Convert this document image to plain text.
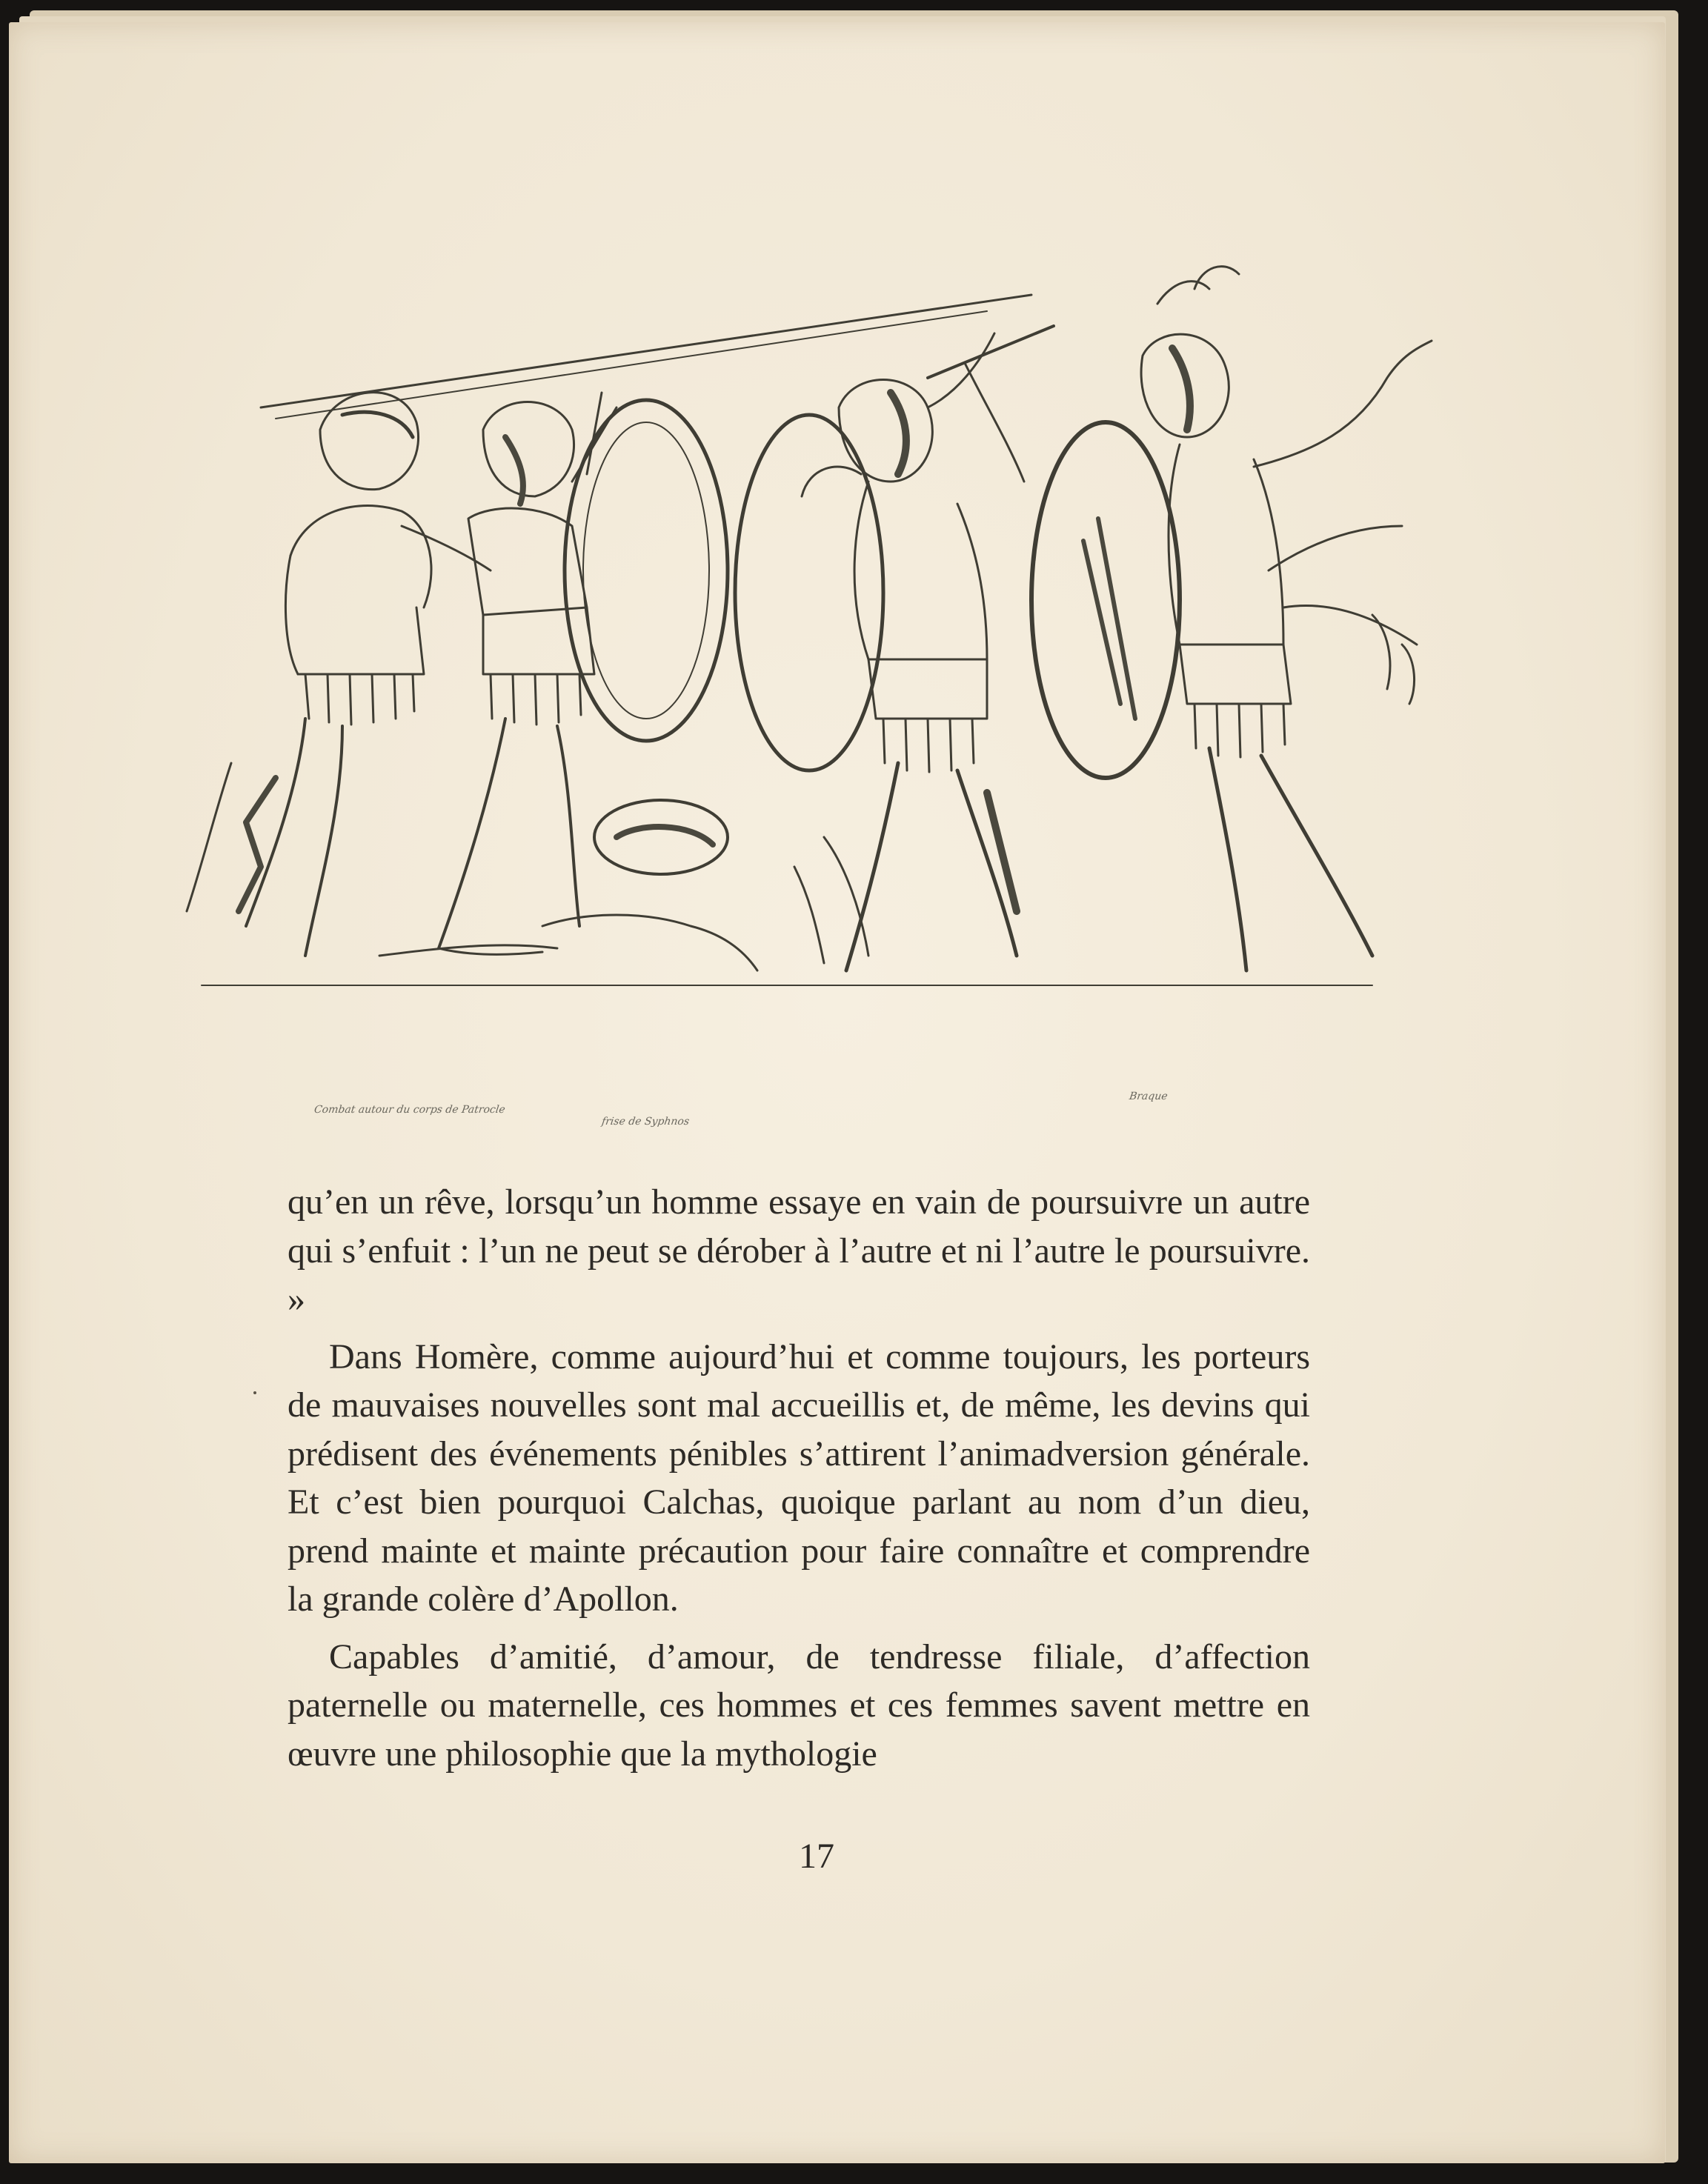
Combat autour du corps de Patrocle
frise de Syphnos
Braque

qu’en un rêve, lorsqu’un homme essaye en vain de poursuivre un autre qui s’enfuit : l’un ne peut se dérober à l’autre et ni l’autre le poursuivre. »

Dans Homère, comme aujourd’hui et comme toujours, les porteurs de mauvaises nouvelles sont mal accueillis et, de même, les devins qui prédisent des événements pénibles s’attirent l’animadversion générale. Et c’est bien pourquoi Calchas, quoique parlant au nom d’un dieu, prend mainte et mainte précaution pour faire connaître et comprendre la grande colère d’Apollon.

Capables d’amitié, d’amour, de tendresse filiale, d’affection paternelle ou maternelle, ces hommes et ces femmes savent mettre en œuvre une philosophie que la mythologie

17
